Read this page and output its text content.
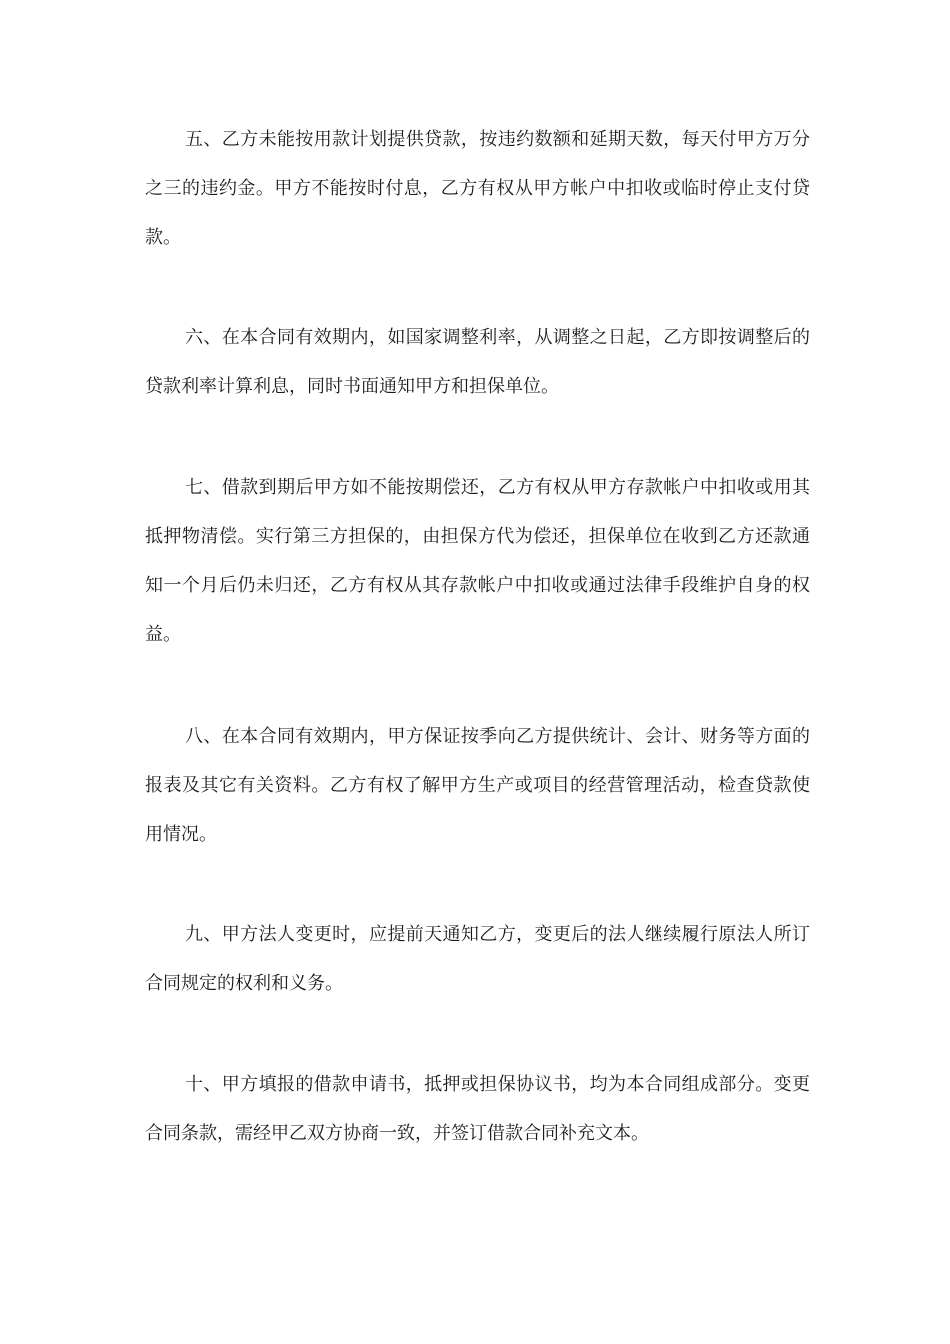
五、乙方未能按用款计划提供贷款，按违约数额和延期天数，每天付甲方万分之三的违约金。甲方不能按时付息，乙方有权从甲方帐户中扣收或临时停止支付贷款。

六、在本合同有效期内，如国家调整利率，从调整之日起，乙方即按调整后的贷款利率计算利息，同时书面通知甲方和担保单位。

七、借款到期后甲方如不能按期偿还，乙方有权从甲方存款帐户中扣收或用其抵押物清偿。实行第三方担保的，由担保方代为偿还，担保单位在收到乙方还款通知一个月后仍未归还，乙方有权从其存款帐户中扣收或通过法律手段维护自身的权益。

八、在本合同有效期内，甲方保证按季向乙方提供统计、会计、财务等方面的报表及其它有关资料。乙方有权了解甲方生产或项目的经营管理活动，检查贷款使用情况。

九、甲方法人变更时，应提前天通知乙方，变更后的法人继续履行原法人所订合同规定的权利和义务。

十、甲方填报的借款申请书，抵押或担保协议书，均为本合同组成部分。变更合同条款，需经甲乙双方协商一致，并签订借款合同补充文本。
